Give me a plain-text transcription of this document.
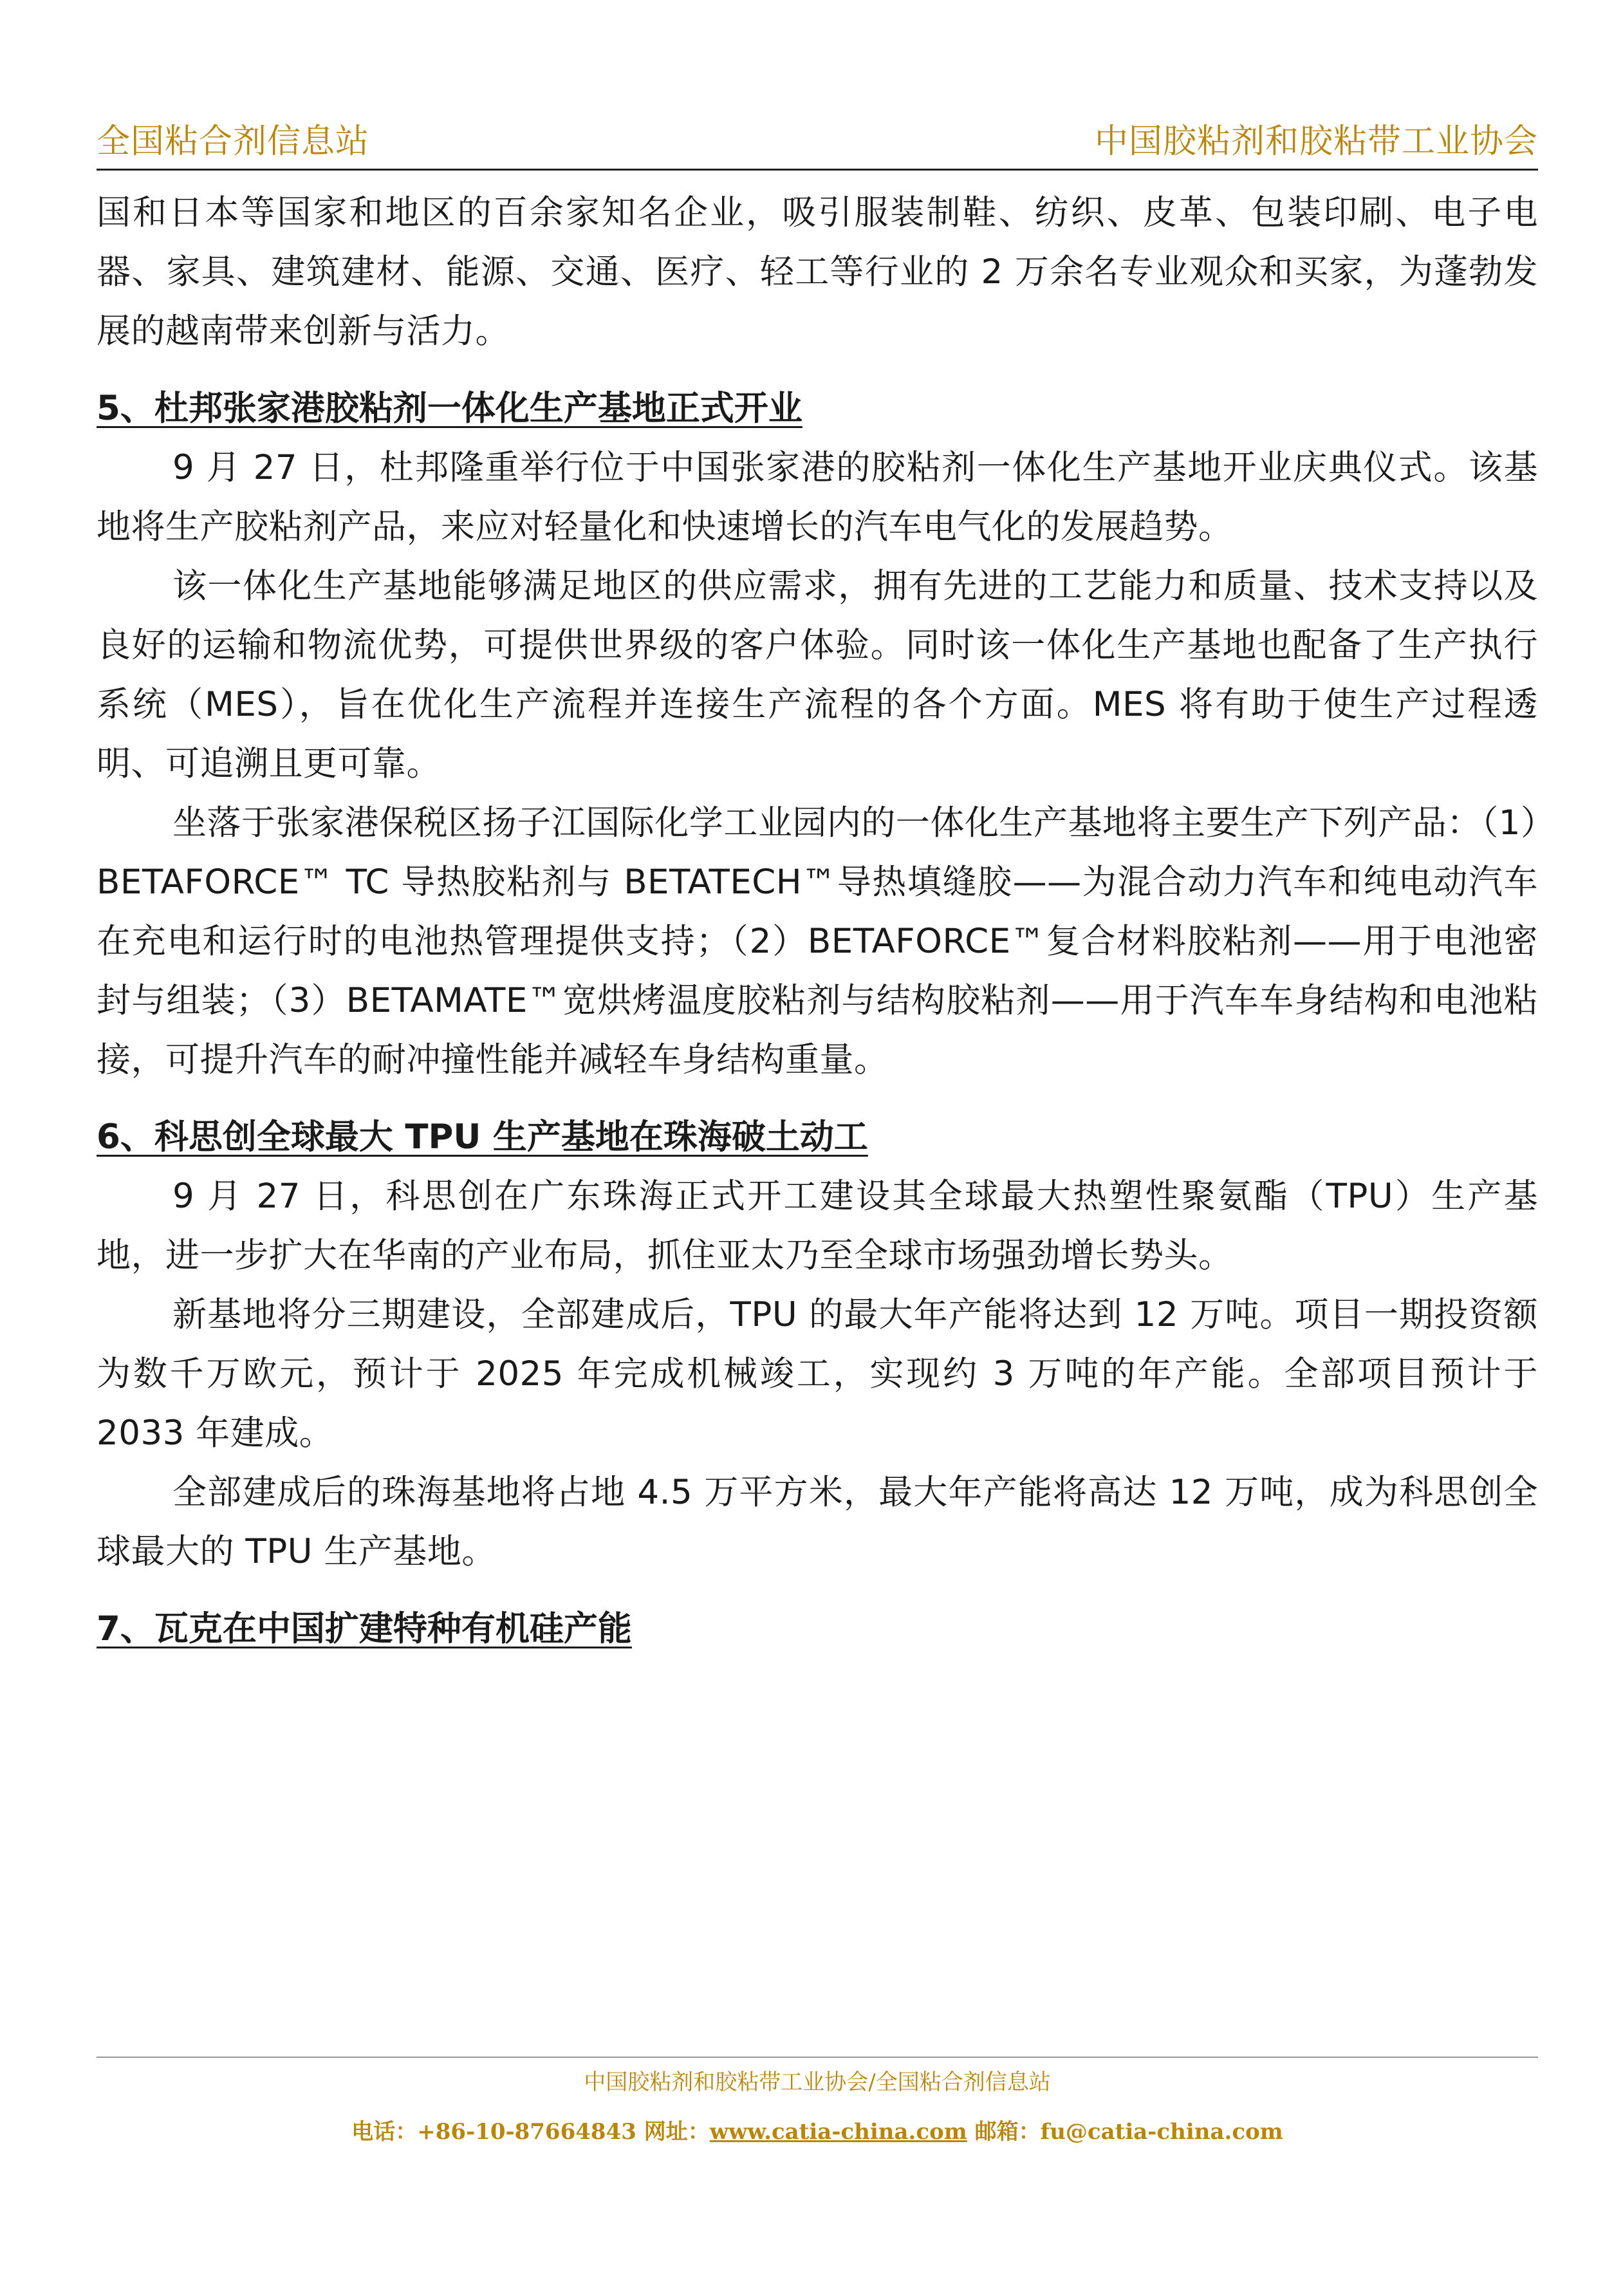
全国粘合剂信息站	中国胶粘剂和胶粘带工业协会

国和日本等国家和地区的百余家知名企业，吸引服装制鞋、纺织、皮革、包装印刷、电子电器、家具、建筑建材、能源、交通、医疗、轻工等行业的 2 万余名专业观众和买家，为蓬勃发展的越南带来创新与活力。

5、杜邦张家港胶粘剂一体化生产基地正式开业

9 月 27 日，杜邦隆重举行位于中国张家港的胶粘剂一体化生产基地开业庆典仪式。该基地将生产胶粘剂产品，来应对轻量化和快速增长的汽车电气化的发展趋势。

该一体化生产基地能够满足地区的供应需求，拥有先进的工艺能力和质量、技术支持以及良好的运输和物流优势，可提供世界级的客户体验。同时该一体化生产基地也配备了生产执行系统（MES），旨在优化生产流程并连接生产流程的各个方面。MES 将有助于使生产过程透明、可追溯且更可靠。

坐落于张家港保税区扬子江国际化学工业园内的一体化生产基地将主要生产下列产品：（1）BETAFORCE™ TC 导热胶粘剂与 BETATECH™导热填缝胶——为混合动力汽车和纯电动汽车在充电和运行时的电池热管理提供支持；（2）BETAFORCE™复合材料胶粘剂——用于电池密封与组装；（3）BETAMATE™宽烘烤温度胶粘剂与结构胶粘剂——用于汽车车身结构和电池粘接，可提升汽车的耐冲撞性能并减轻车身结构重量。

6、科思创全球最大 TPU 生产基地在珠海破土动工

9 月 27 日，科思创在广东珠海正式开工建设其全球最大热塑性聚氨酯（TPU）生产基地，进一步扩大在华南的产业布局，抓住亚太乃至全球市场强劲增长势头。

新基地将分三期建设，全部建成后，TPU 的最大年产能将达到 12 万吨。项目一期投资额为数千万欧元，预计于 2025 年完成机械竣工，实现约 3 万吨的年产能。全部项目预计于 2033 年建成。

全部建成后的珠海基地将占地 4.5 万平方米，最大年产能将高达 12 万吨，成为科思创全球最大的 TPU 生产基地。

7、瓦克在中国扩建特种有机硅产能
中国胶粘剂和胶粘带工业协会/全国粘合剂信息站
电话：+86-10-87664843 网址：www.catia-china.com 邮箱：fu@catia-china.com
